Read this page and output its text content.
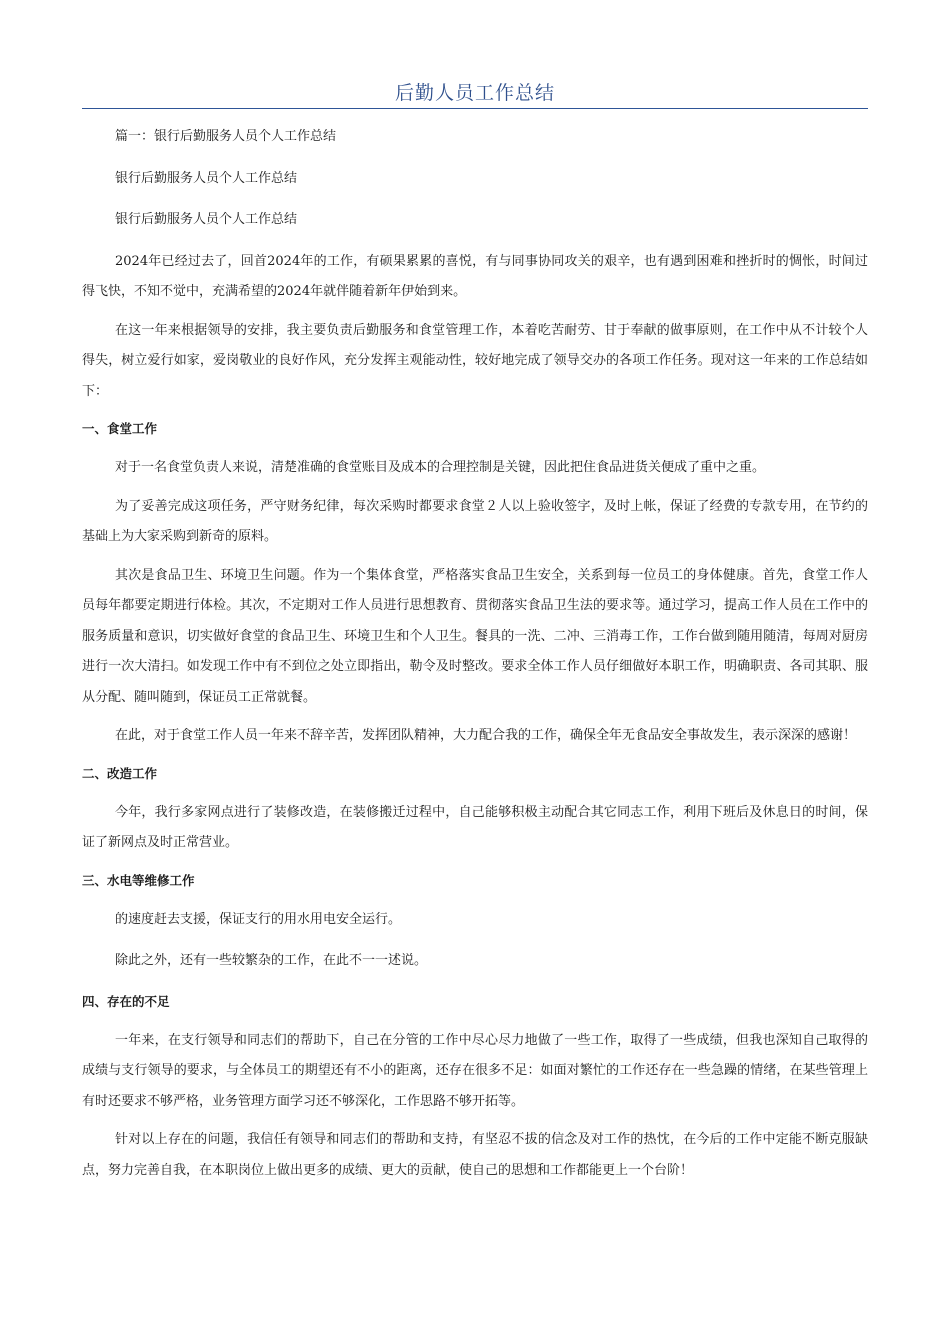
后勤人员工作总结

篇一：银行后勤服务人员个人工作总结

银行后勤服务人员个人工作总结

银行后勤服务人员个人工作总结

2024年已经过去了，回首2024年的工作，有硕果累累的喜悦，有与同事协同攻关的艰辛，也有遇到困难和挫折时的惆怅，时间过得飞快，不知不觉中，充满希望的2024年就伴随着新年伊始到来。

在这一年来根据领导的安排，我主要负责后勤服务和食堂管理工作，本着吃苦耐劳、甘于奉献的做事原则，在工作中从不计较个人得失，树立爱行如家，爱岗敬业的良好作风，充分发挥主观能动性，较好地完成了领导交办的各项工作任务。现对这一年来的工作总结如下：

一、食堂工作

对于一名食堂负责人来说，清楚准确的食堂账目及成本的合理控制是关键，因此把住食品进货关便成了重中之重。

为了妥善完成这项任务，严守财务纪律，每次采购时都要求食堂２人以上验收签字，及时上帐，保证了经费的专款专用，在节约的基础上为大家采购到新奇的原料。

其次是食品卫生、环境卫生问题。作为一个集体食堂，严格落实食品卫生安全，关系到每一位员工的身体健康。首先，食堂工作人员每年都要定期进行体检。其次，不定期对工作人员进行思想教育、贯彻落实食品卫生法的要求等。通过学习，提高工作人员在工作中的服务质量和意识，切实做好食堂的食品卫生、环境卫生和个人卫生。餐具的一洗、二冲、三消毒工作，工作台做到随用随清，每周对厨房进行一次大清扫。如发现工作中有不到位之处立即指出，勒令及时整改。要求全体工作人员仔细做好本职工作，明确职责、各司其职、服从分配、随叫随到，保证员工正常就餐。

在此，对于食堂工作人员一年来不辞辛苦，发挥团队精神，大力配合我的工作，确保全年无食品安全事故发生，表示深深的感谢！

二、改造工作

今年，我行多家网点进行了装修改造，在装修搬迁过程中，自己能够积极主动配合其它同志工作，利用下班后及休息日的时间，保证了新网点及时正常营业。

三、水电等维修工作

的速度赶去支援，保证支行的用水用电安全运行。

除此之外，还有一些较繁杂的工作，在此不一一述说。

四、存在的不足

一年来，在支行领导和同志们的帮助下，自己在分管的工作中尽心尽力地做了一些工作，取得了一些成绩，但我也深知自己取得的成绩与支行领导的要求，与全体员工的期望还有不小的距离，还存在很多不足：如面对繁忙的工作还存在一些急躁的情绪，在某些管理上有时还要求不够严格，业务管理方面学习还不够深化，工作思路不够开拓等。

针对以上存在的问题，我信任有领导和同志们的帮助和支持，有坚忍不拔的信念及对工作的热忱，在今后的工作中定能不断克服缺点，努力完善自我，在本职岗位上做出更多的成绩、更大的贡献，使自己的思想和工作都能更上一个台阶！
